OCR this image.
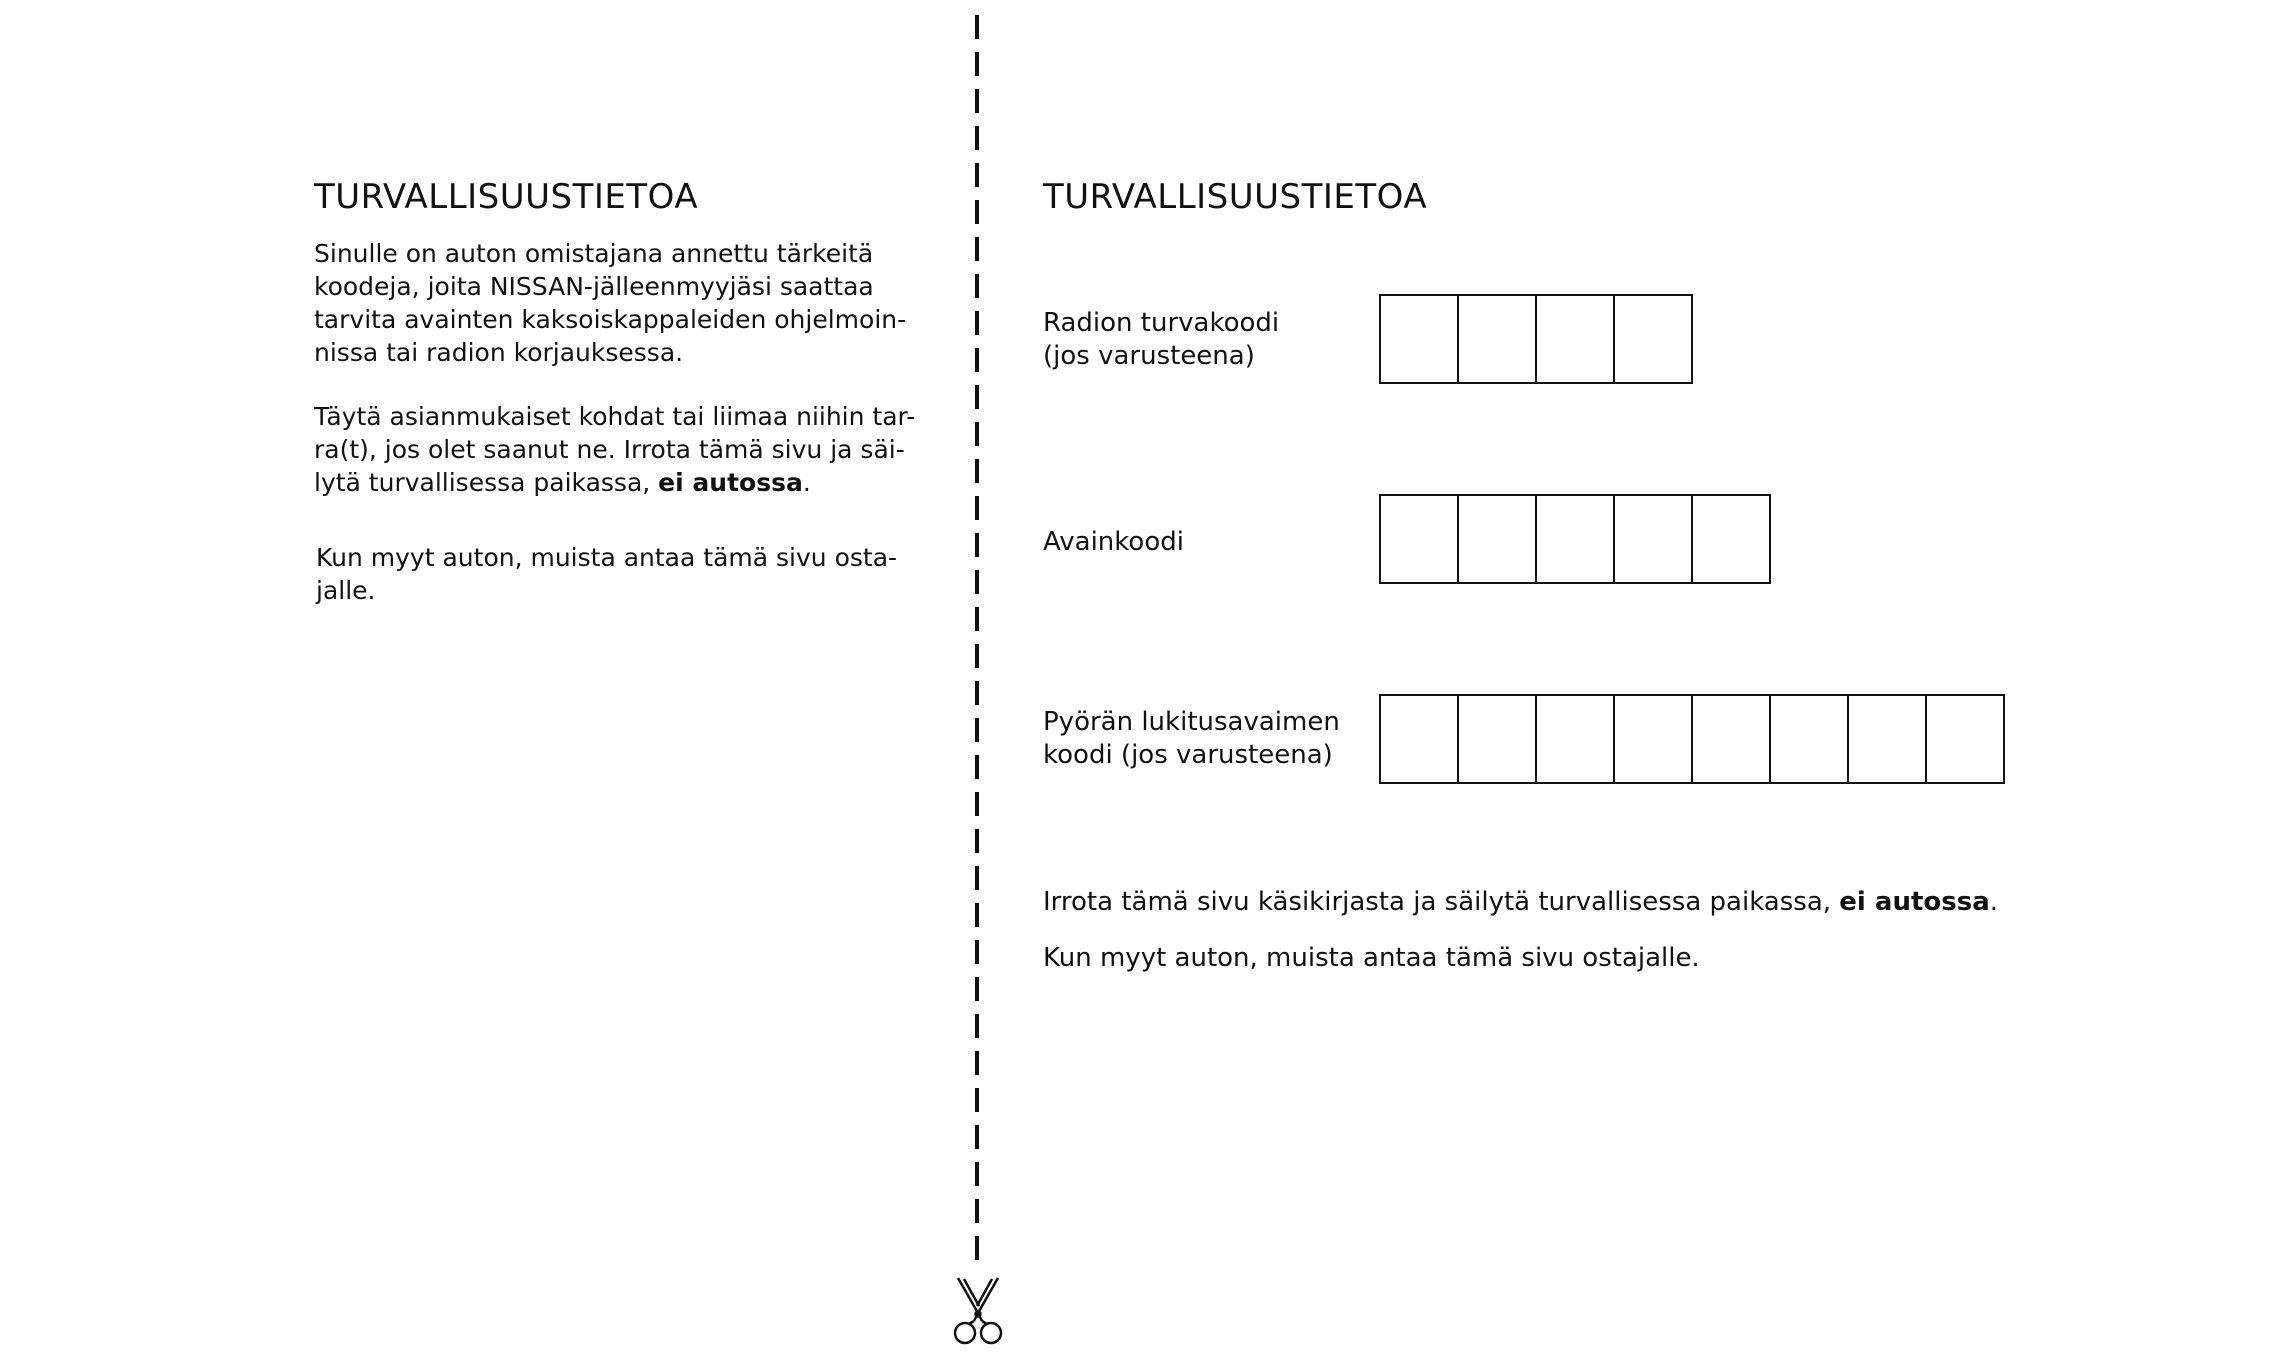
TURVALLISUUSTIETOA

Sinulle on auton omistajana annettu tärkeitä
koodeja, joita NISSAN-jälleenmyyjäsi saattaa
tarvita avainten kaksoiskappaleiden ohjelmoin-
nissa tai radion korjauksessa.

Täytä asianmukaiset kohdat tai liimaa niihin tar-
ra(t), jos olet saanut ne. Irrota tämä sivu ja säi-
lytä turvallisessa paikassa, ei autossa.

Kun myyt auton, muista antaa tämä sivu osta-
jalle.

TURVALLISUUSTIETOA

Radion turvakoodi
(jos varusteena)

Avainkoodi

Pyörän lukitusavaimen
koodi (jos varusteena)

Irrota tämä sivu käsikirjasta ja säilytä turvallisessa paikassa, ei autossa.

Kun myyt auton, muista antaa tämä sivu ostajalle.
